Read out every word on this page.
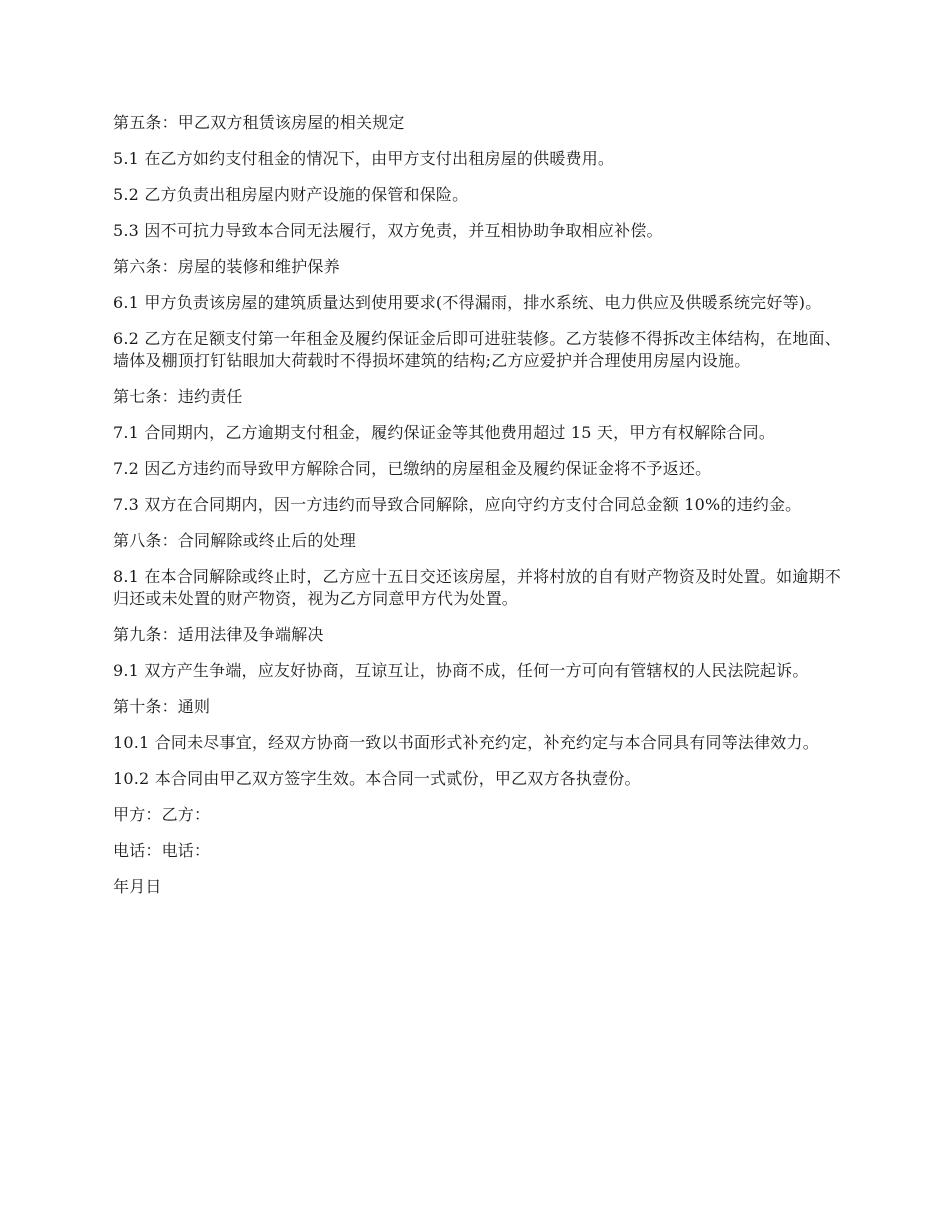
第五条：甲乙双方租赁该房屋的相关规定

5.1 在乙方如约支付租金的情况下，由甲方支付出租房屋的供暖费用。

5.2 乙方负责出租房屋内财产设施的保管和保险。

5.3 因不可抗力导致本合同无法履行，双方免责，并互相协助争取相应补偿。

第六条：房屋的装修和维护保养

6.1 甲方负责该房屋的建筑质量达到使用要求(不得漏雨，排水系统、电力供应及供暖系统完好等)。

6.2 乙方在足额支付第一年租金及履约保证金后即可进驻装修。乙方装修不得拆改主体结构，在地面、墙体及棚顶打钉钻眼加大荷载时不得损坏建筑的结构;乙方应爱护并合理使用房屋内设施。

第七条：违约责任

7.1 合同期内，乙方逾期支付租金，履约保证金等其他费用超过 15 天，甲方有权解除合同。

7.2 因乙方违约而导致甲方解除合同，已缴纳的房屋租金及履约保证金将不予返还。

7.3 双方在合同期内，因一方违约而导致合同解除，应向守约方支付合同总金额 10%的违约金。

第八条：合同解除或终止后的处理

8.1 在本合同解除或终止时，乙方应十五日交还该房屋，并将村放的自有财产物资及时处置。如逾期不归还或未处置的财产物资，视为乙方同意甲方代为处置。

第九条：适用法律及争端解决

9.1 双方产生争端，应友好协商，互谅互让，协商不成，任何一方可向有管辖权的人民法院起诉。

第十条：通则

10.1 合同未尽事宜，经双方协商一致以书面形式补充约定，补充约定与本合同具有同等法律效力。

10.2 本合同由甲乙双方签字生效。本合同一式贰份，甲乙双方各执壹份。

甲方：乙方：

电话：电话：

年月日
